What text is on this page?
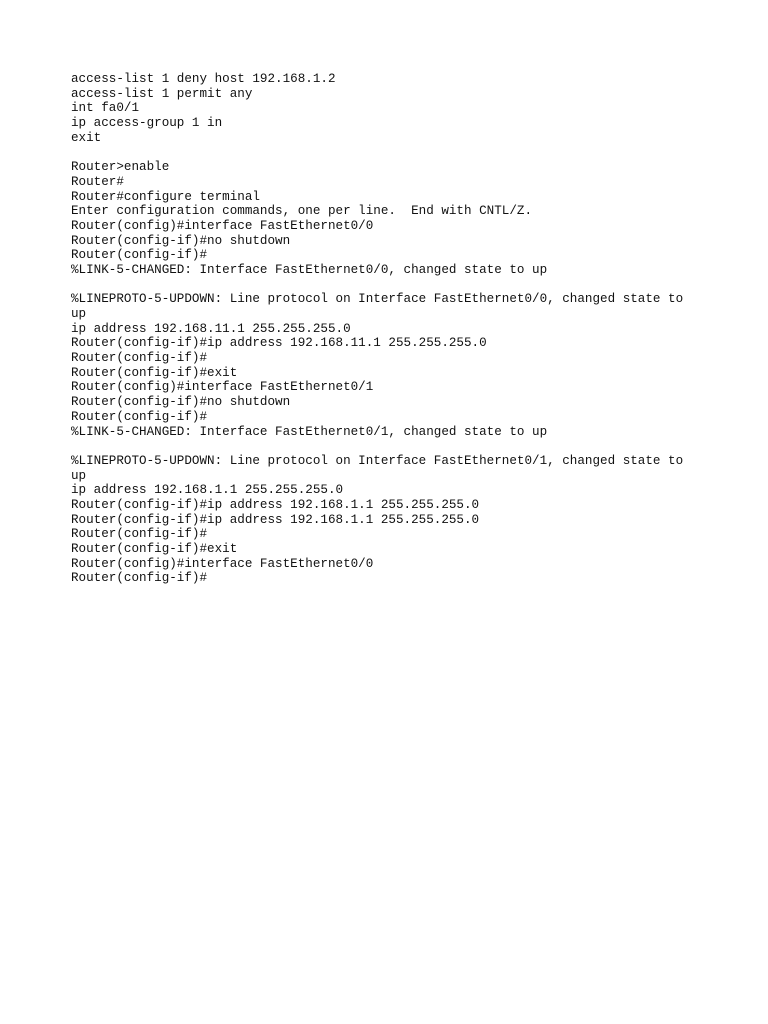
access-list 1 deny host 192.168.1.2
access-list 1 permit any
int fa0/1
ip access-group 1 in
exit
Router>enable
Router#
Router#configure terminal
Enter configuration commands, one per line.  End with CNTL/Z.
Router(config)#interface FastEthernet0/0
Router(config-if)#no shutdown
Router(config-if)#
%LINK-5-CHANGED: Interface FastEthernet0/0, changed state to up
%LINEPROTO-5-UPDOWN: Line protocol on Interface FastEthernet0/0, changed state to
up
ip address 192.168.11.1 255.255.255.0
Router(config-if)#ip address 192.168.11.1 255.255.255.0
Router(config-if)#
Router(config-if)#exit
Router(config)#interface FastEthernet0/1
Router(config-if)#no shutdown
Router(config-if)#
%LINK-5-CHANGED: Interface FastEthernet0/1, changed state to up
%LINEPROTO-5-UPDOWN: Line protocol on Interface FastEthernet0/1, changed state to
up
ip address 192.168.1.1 255.255.255.0
Router(config-if)#ip address 192.168.1.1 255.255.255.0
Router(config-if)#ip address 192.168.1.1 255.255.255.0
Router(config-if)#
Router(config-if)#exit
Router(config)#interface FastEthernet0/0
Router(config-if)#
